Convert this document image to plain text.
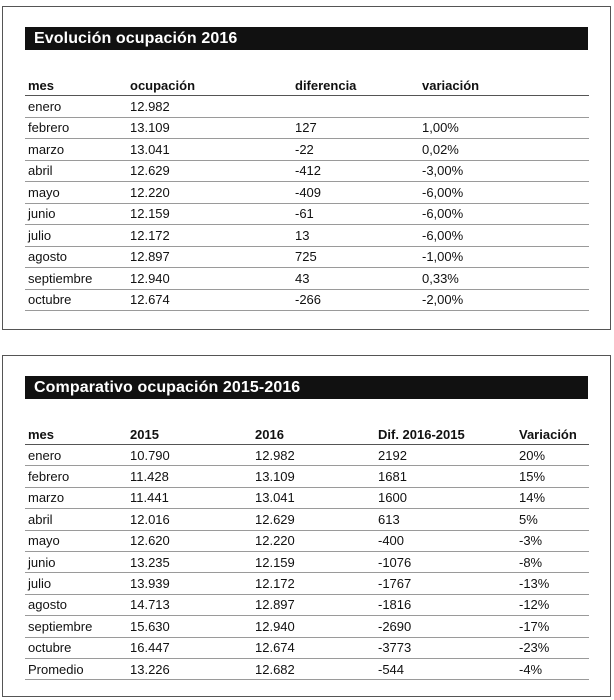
Evolución ocupación 2016
mes	ocupación	diferencia	variación
enero	12.982		
febrero	13.109	127	1,00%
marzo	13.041	-22	0,02%
abril	12.629	-412	-3,00%
mayo	12.220	-409	-6,00%
junio	12.159	-61	-6,00%
julio	12.172	13	-6,00%
agosto	12.897	725	-1,00%
septiembre	12.940	43	0,33%
octubre	12.674	-266	-2,00%
Comparativo ocupación 2015-2016
mes	2015	2016	Dif. 2016-2015	Variación
enero	10.790	12.982	2192	20%
febrero	11.428	13.109	1681	15%
marzo	11.441	13.041	1600	14%
abril	12.016	12.629	613	5%
mayo	12.620	12.220	-400	-3%
junio	13.235	12.159	-1076	-8%
julio	13.939	12.172	-1767	-13%
agosto	14.713	12.897	-1816	-12%
septiembre	15.630	12.940	-2690	-17%
octubre	16.447	12.674	-3773	-23%
Promedio	13.226	12.682	-544	-4%
